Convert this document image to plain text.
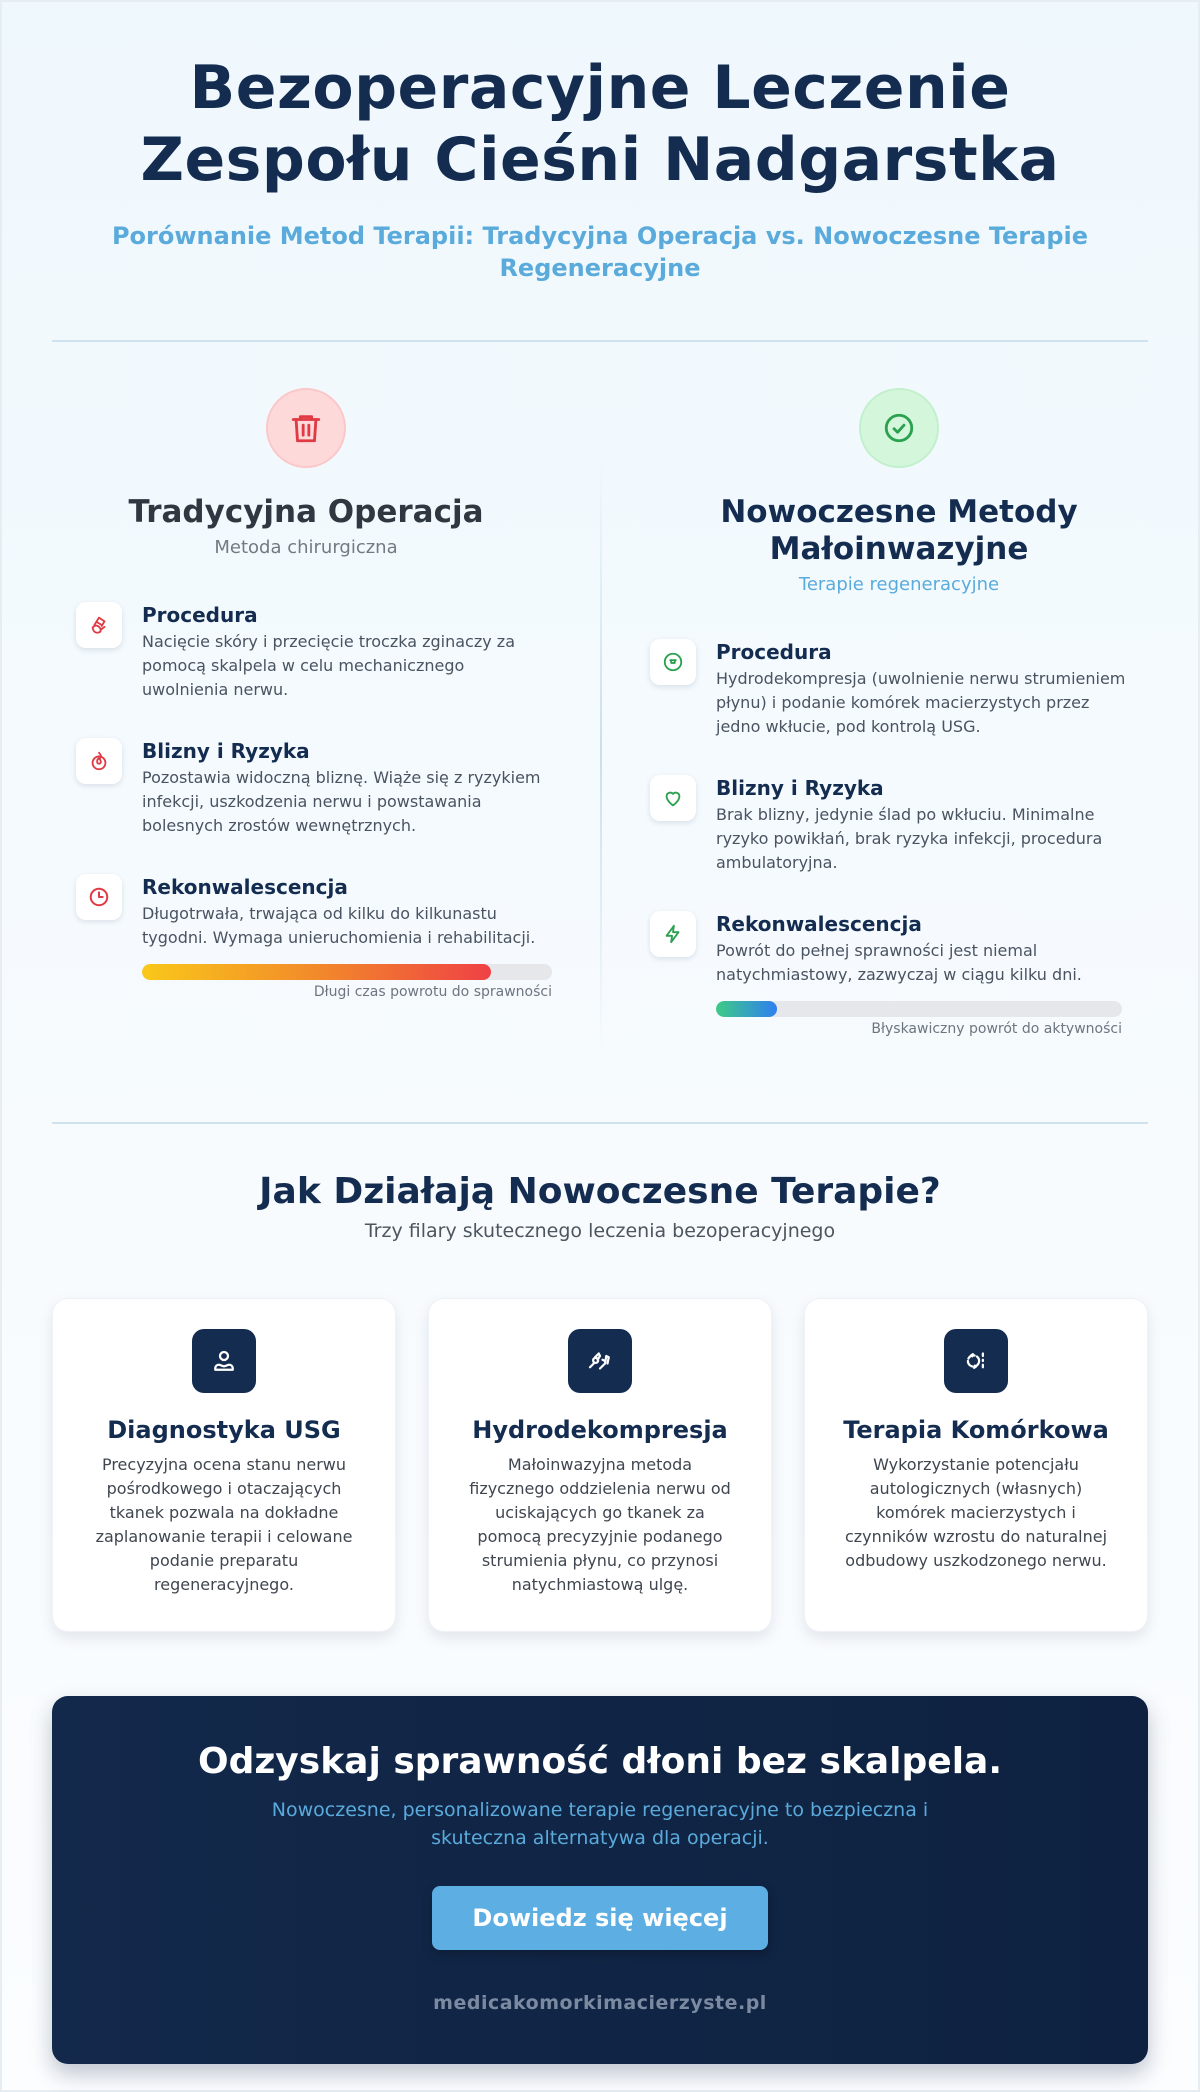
Bezoperacyjne Leczenie
Zespołu Cieśni Nadgarstka

Porównanie Metod Terapii: Tradycyjna Operacja vs. Nowoczesne Terapie Regeneracyjne

Tradycyjna Operacja

Metoda chirurgiczna

Procedura
Nacięcie skóry i przecięcie troczka zginaczy za pomocą skalpela w celu mechanicznego uwolnienia nerwu.
Blizny i Ryzyka
Pozostawia widoczną bliznę. Wiąże się z ryzykiem infekcji, uszkodzenia nerwu i powstawania bolesnych zrostów wewnętrznych.
Rekonwalescencja
Długotrwała, trwająca od kilku do kilkunastu tygodni. Wymaga unieruchomienia i rehabilitacji.
Długi czas powrotu do sprawności
Nowoczesne Metody
Małoinwazyjne

Terapie regeneracyjne

Procedura
Hydrodekompresja (uwolnienie nerwu strumieniem płynu) i podanie komórek macierzystych przez jedno wkłucie, pod kontrolą USG.
Blizny i Ryzyka
Brak blizny, jedynie ślad po wkłuciu. Minimalne ryzyko powikłań, brak ryzyka infekcji, procedura ambulatoryjna.
Rekonwalescencja
Powrót do pełnej sprawności jest niemal natychmiastowy, zazwyczaj w ciągu kilku dni.
Błyskawiczny powrót do aktywności
Jak Działają Nowoczesne Terapie?

Trzy filary skutecznego leczenia bezoperacyjnego

Diagnostyka USG
Precyzyjna ocena stanu nerwu pośrodkowego i otaczających tkanek pozwala na dokładne zaplanowanie terapii i celowane podanie preparatu regeneracyjnego.
Hydrodekompresja
Małoinwazyjna metoda fizycznego oddzielenia nerwu od uciskających go tkanek za pomocą precyzyjnie podanego strumienia płynu, co przynosi natychmiastową ulgę.
Terapia Komórkowa
Wykorzystanie potencjału autologicznych (własnych) komórek macierzystych i czynników wzrostu do naturalnej odbudowy uszkodzonego nerwu.
Odzyskaj sprawność dłoni bez skalpela.

Nowoczesne, personalizowane terapie regeneracyjne to bezpieczna i skuteczna alternatywa dla operacji.

Dowiedz się więcej
medicakomorkimacierzyste.pl
